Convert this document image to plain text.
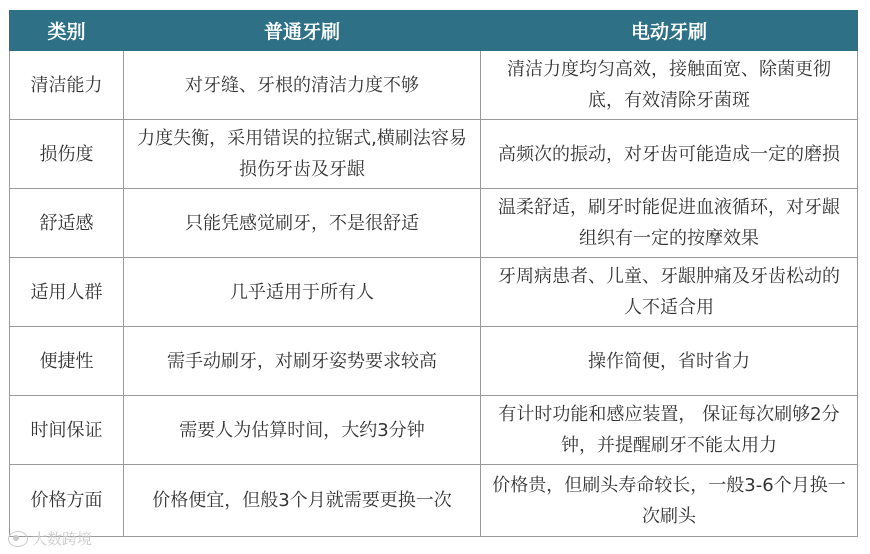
类别	普通牙刷	电动牙刷
清洁能力	对牙缝、牙根的清洁力度不够	清洁力度均匀高效，接触面宽、除菌更彻底，有效清除牙菌斑
损伤度	力度失衡，采用错误的拉锯式,横刷法容易损伤牙齿及牙龈	高频次的振动，对牙齿可能造成一定的磨损
舒适感	只能凭感觉刷牙，不是很舒适	温柔舒适，刷牙时能促进血液循环，对牙龈组织有一定的按摩效果
适用人群	几乎适用于所有人	牙周病患者、儿童、牙龈肿痛及牙齿松动的人不适合用
便捷性	需手动刷牙，对刷牙姿势要求较高	操作简便，省时省力
时间保证	需要人为估算时间，大约3分钟	有计时功能和感应装置， 保证每次刷够2分钟，并提醒刷牙不能太用力
价格方面	价格便宜，但般3个月就需要更换一次	价格贵，但刷头寿命较长，一般3-6个月换一次刷头
大数跨境
